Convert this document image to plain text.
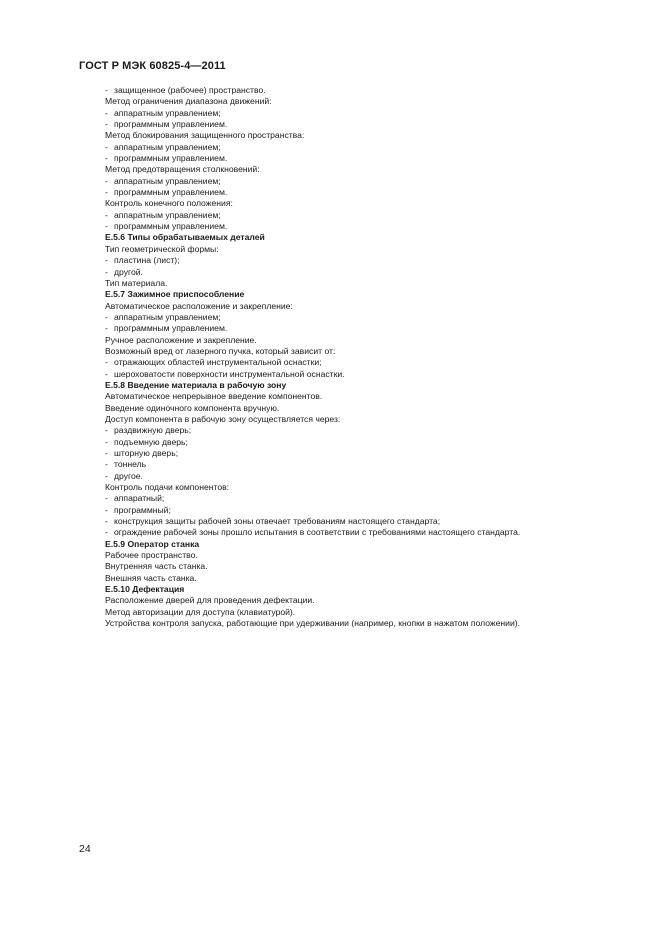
ГОСТ Р МЭК 60825-4—2011
- защищенное (рабочее) пространство.
Метод ограничения диапазона движений:
- аппаратным управлением;
- программным управлением.
Метод блокирования защищенного пространства:
- аппаратным управлением;
- программным управлением.
Метод предотвращения столкновений:
- аппаратным управлением;
- программным управлением.
Контроль конечного положения:
- аппаратным управлением;
- программным управлением.
Е.5.6 Типы обрабатываемых деталей
Тип геометрической формы:
- пластина (лист);
- другой.
Тип материала.
Е.5.7 Зажимное приспособление
Автоматическое расположение и закрепление:
- аппаратным управлением;
- программным управлением.
Ручное расположение и закрепление.
Возможный вред от лазерного пучка, который зависит от:
- отражающих областей инструментальной оснастки;
- шероховатости поверхности инструментальной оснастки.
Е.5.8 Введение материала в рабочую зону
Автоматическое непрерывное введение компонентов.
Введение одиночного компонента вручную.
Доступ компонента в рабочую зону осуществляется через:
- раздвижную дверь;
- подъемную дверь;
- шторную дверь;
- тоннель
- другое.
Контроль подачи компонентов:
- аппаратный;
- программный;
- конструкция защиты рабочей зоны отвечает требованиям настоящего стандарта;
- ограждение рабочей зоны прошло испытания в соответствии с требованиями настоящего стандарта.
Е.5.9 Оператор станка
Рабочее пространство.
Внутренняя часть станка.
Внешняя часть станка.
Е.5.10 Дефектация
Расположение дверей для проведения дефектации.
Метод авторизации для доступа (клавиатурой).
Устройства контроля запуска, работающие при удерживании (например, кнопки в нажатом положении).
24
